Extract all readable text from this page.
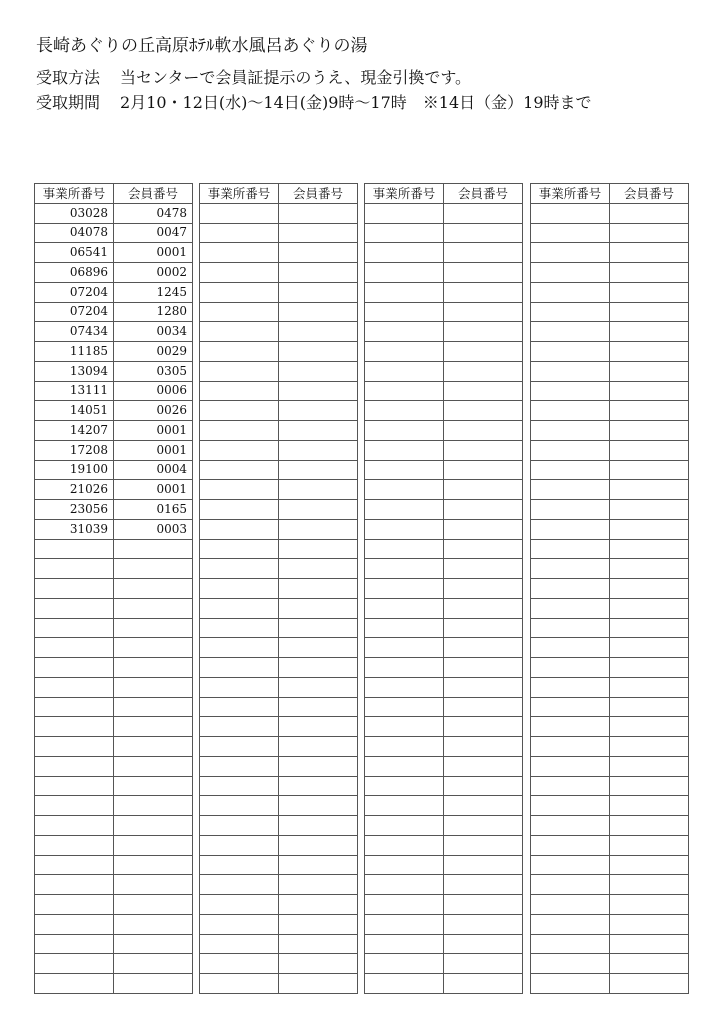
長崎あぐりの丘高原ﾎﾃﾙ軟水風呂あぐりの湯
受取方法 当センターで会員証提示のうえ、現金引換です。
受取期間 2月10・12日(水)～14日(金)9時～17時　※14日（金）19時まで
事業所番号	会員番号
03028	0478
04078	0047
06541	0001
06896	0002
07204	1245
07204	1280
07434	0034
11185	0029
13094	0305
13111	0006
14051	0026
14207	0001
17208	0001
19100	0004
21026	0001
23056	0165
31039	0003

事業所番号	会員番号

	事業所番号	会員番号

	事業所番号	会員番号
